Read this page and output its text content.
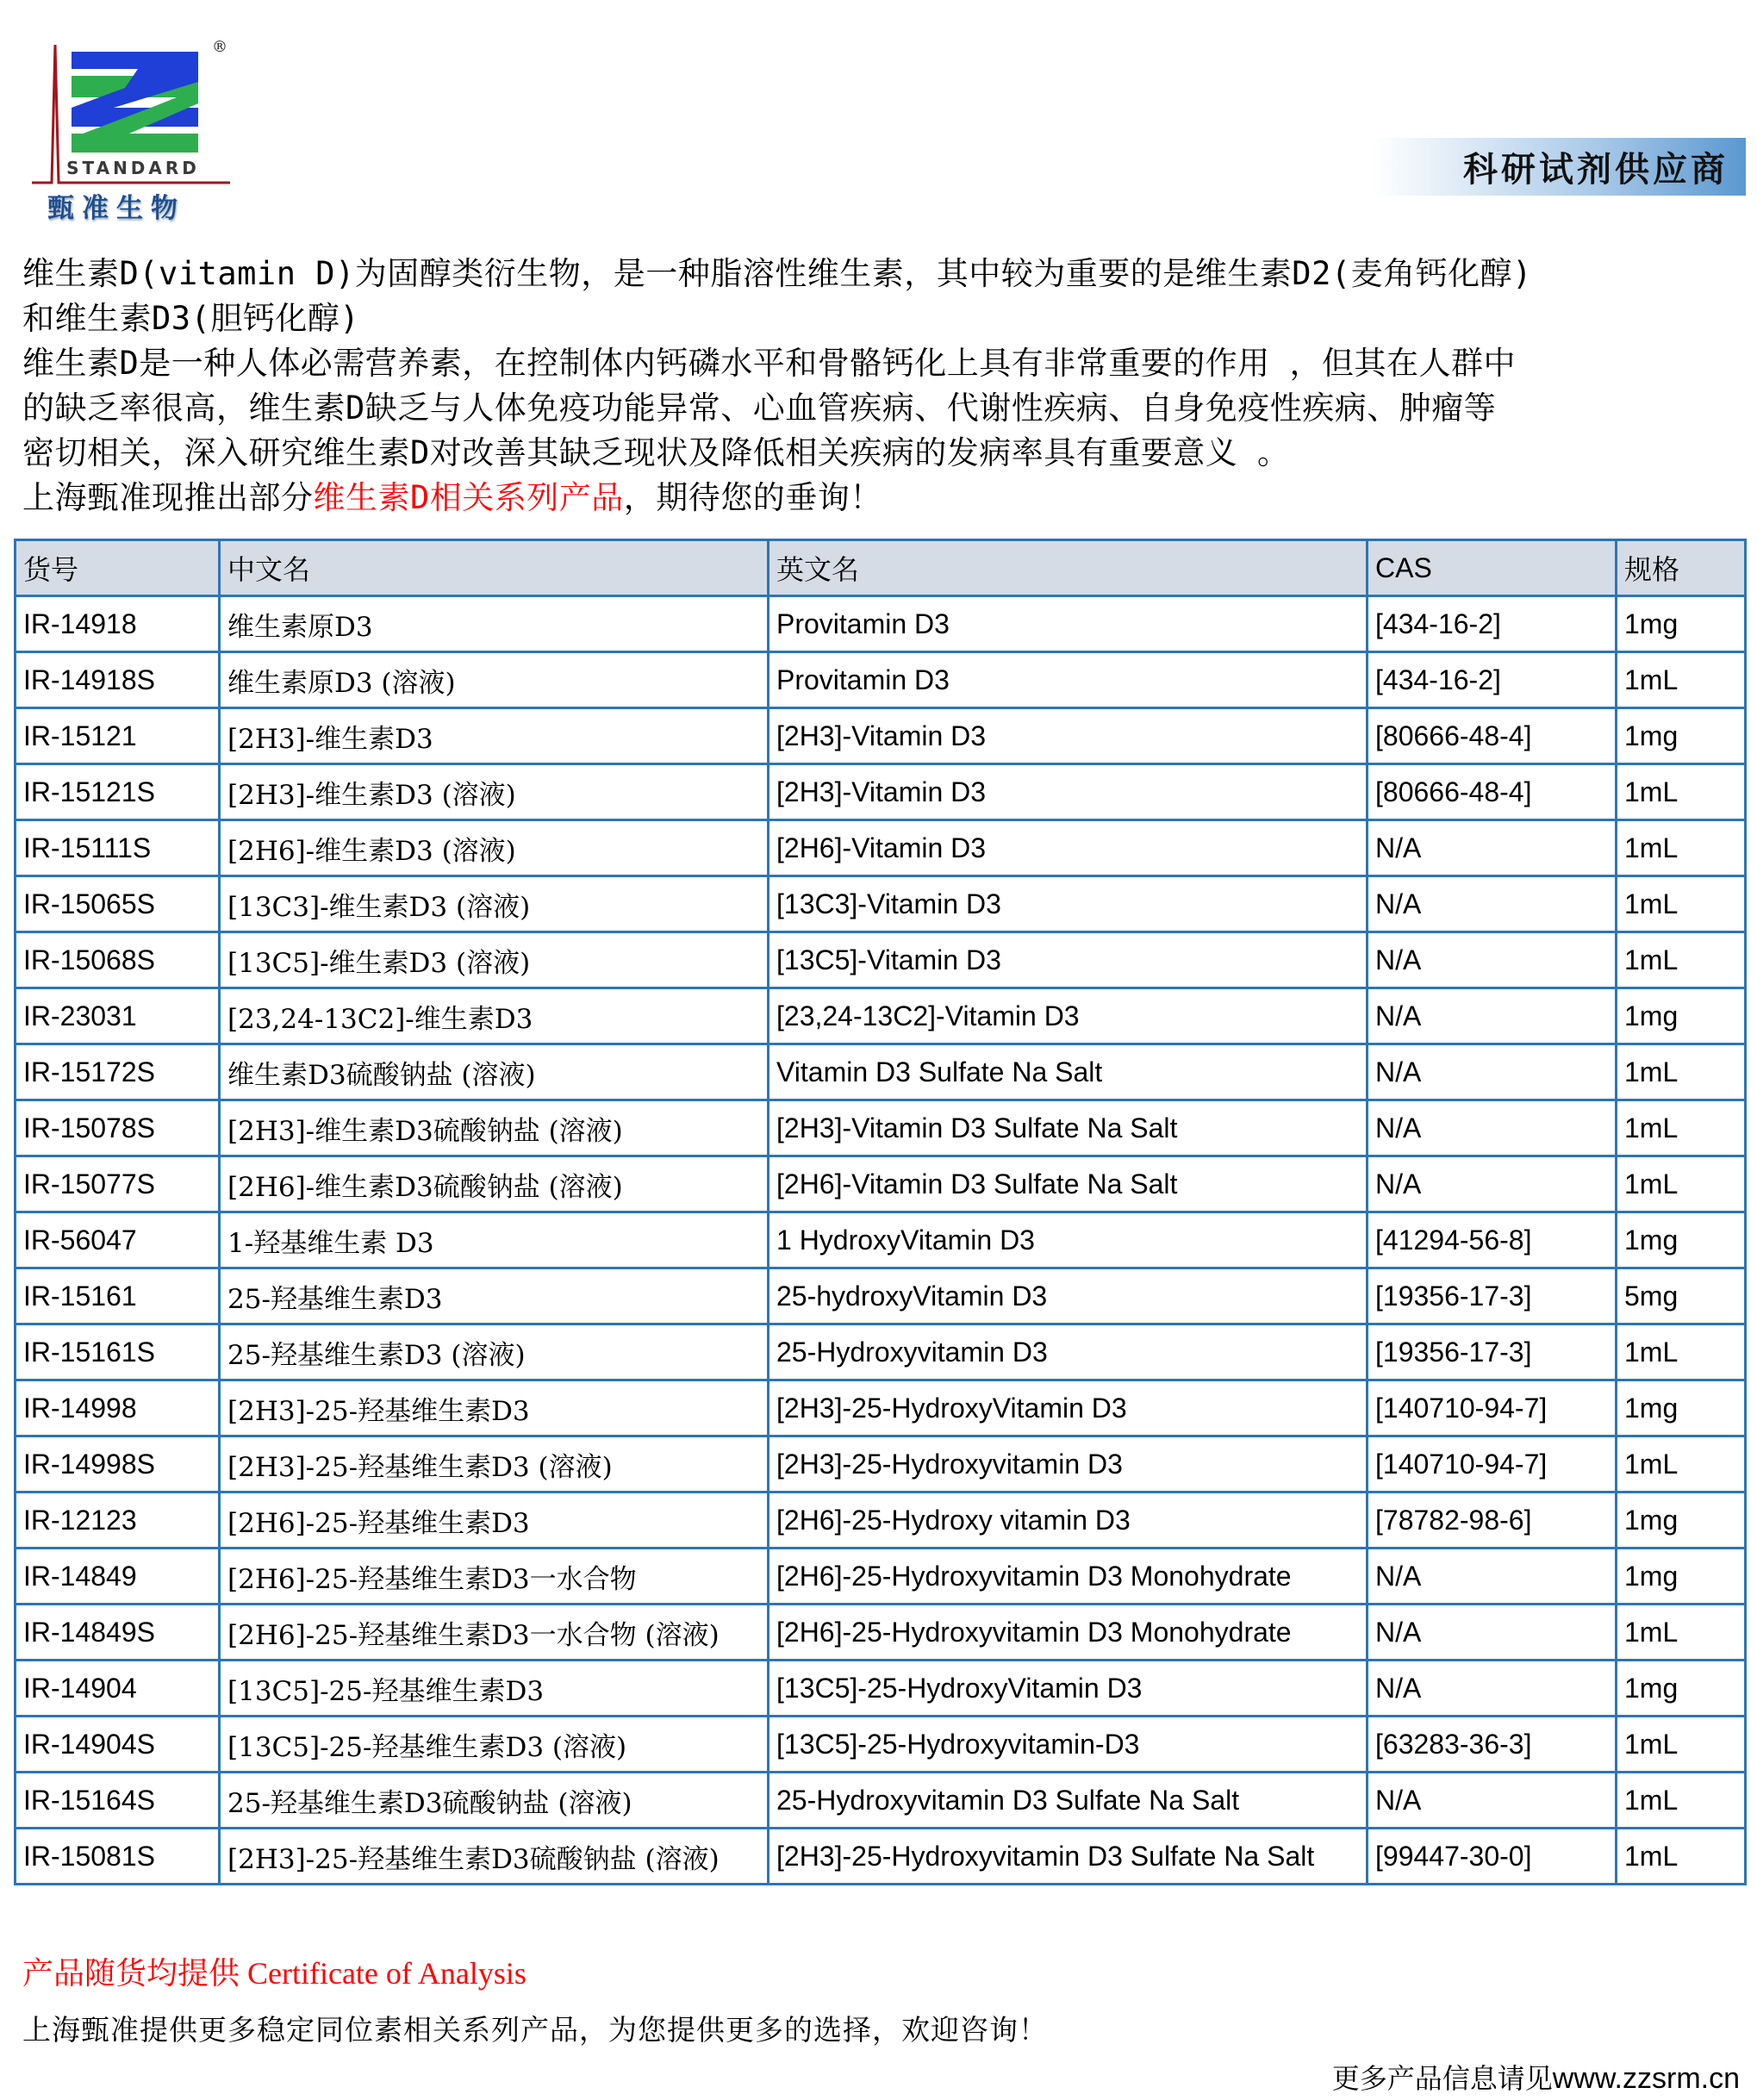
®
STANDARD
甄准生物
科研试剂供应商

维生素D(vitamin D)为固醇类衍生物，是一种脂溶性维生素，其中较为重要的是维生素D2(麦角钙化醇)

和维生素D3(胆钙化醇)

维生素D是一种人体必需营养素，在控制体内钙磷水平和骨骼钙化上具有非常重要的作用 ，但其在人群中

的缺乏率很高，维生素D缺乏与人体免疫功能异常、心血管疾病、代谢性疾病、自身免疫性疾病、肿瘤等

密切相关，深入研究维生素D对改善其缺乏现状及降低相关疾病的发病率具有重要意义 。

上海甄准现推出部分维生素D相关系列产品，期待您的垂询！

货号	中文名	英文名	CAS	规格
IR-14918	维生素原D3	Provitamin D3	[434-16-2]	1mg
IR-14918S	维生素原D3 (溶液)	Provitamin D3	[434-16-2]	1mL
IR-15121	[2H3]-维生素D3	[2H3]-Vitamin D3	[80666-48-4]	1mg
IR-15121S	[2H3]-维生素D3 (溶液)	[2H3]-Vitamin D3	[80666-48-4]	1mL
IR-15111S	[2H6]-维生素D3 (溶液)	[2H6]-Vitamin D3	N/A	1mL
IR-15065S	[13C3]-维生素D3 (溶液)	[13C3]-Vitamin D3	N/A	1mL
IR-15068S	[13C5]-维生素D3 (溶液)	[13C5]-Vitamin D3	N/A	1mL
IR-23031	[23,24-13C2]-维生素D3	[23,24-13C2]-Vitamin D3	N/A	1mg
IR-15172S	维生素D3硫酸钠盐 (溶液)	Vitamin D3 Sulfate Na Salt	N/A	1mL
IR-15078S	[2H3]-维生素D3硫酸钠盐 (溶液)	[2H3]-Vitamin D3 Sulfate Na Salt	N/A	1mL
IR-15077S	[2H6]-维生素D3硫酸钠盐 (溶液)	[2H6]-Vitamin D3 Sulfate Na Salt	N/A	1mL
IR-56047	1-羟基维生素 D3	1 HydroxyVitamin D3	[41294-56-8]	1mg
IR-15161	25-羟基维生素D3	25-hydroxyVitamin D3	[19356-17-3]	5mg
IR-15161S	25-羟基维生素D3 (溶液)	25-Hydroxyvitamin D3	[19356-17-3]	1mL
IR-14998	[2H3]-25-羟基维生素D3	[2H3]-25-HydroxyVitamin D3	[140710-94-7]	1mg
IR-14998S	[2H3]-25-羟基维生素D3 (溶液)	[2H3]-25-Hydroxyvitamin D3	[140710-94-7]	1mL
IR-12123	[2H6]-25-羟基维生素D3	[2H6]-25-Hydroxy vitamin D3	[78782-98-6]	1mg
IR-14849	[2H6]-25-羟基维生素D3一水合物	[2H6]-25-Hydroxyvitamin D3 Monohydrate	N/A	1mg
IR-14849S	[2H6]-25-羟基维生素D3一水合物 (溶液)	[2H6]-25-Hydroxyvitamin D3 Monohydrate	N/A	1mL
IR-14904	[13C5]-25-羟基维生素D3	[13C5]-25-HydroxyVitamin D3	N/A	1mg
IR-14904S	[13C5]-25-羟基维生素D3 (溶液)	[13C5]-25-Hydroxyvitamin-D3	[63283-36-3]	1mL
IR-15164S	25-羟基维生素D3硫酸钠盐 (溶液)	25-Hydroxyvitamin D3 Sulfate Na Salt	N/A	1mL
IR-15081S	[2H3]-25-羟基维生素D3硫酸钠盐 (溶液)	[2H3]-25-Hydroxyvitamin D3 Sulfate Na Salt	[99447-30-0]	1mL
产品随货均提供 Certificate of Analysis
上海甄准提供更多稳定同位素相关系列产品，为您提供更多的选择，欢迎咨询！
更多产品信息请见www.zzsrm.cn
